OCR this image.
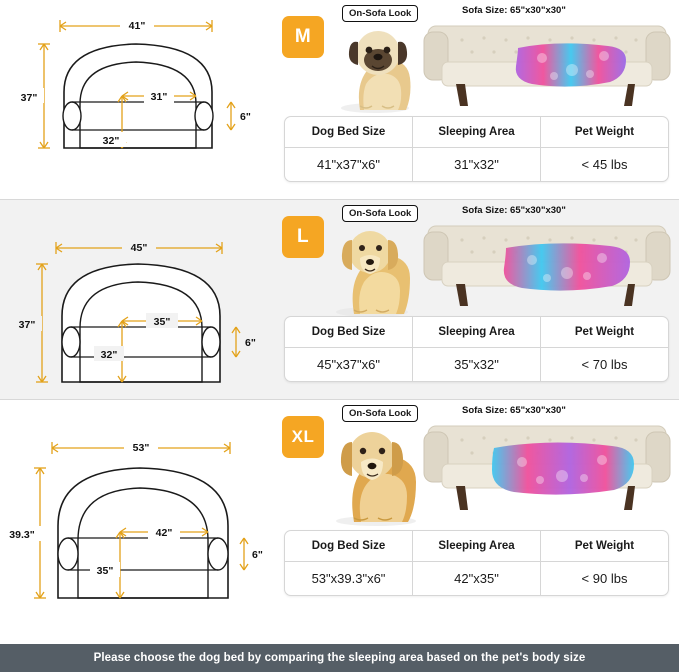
41"
37"	31"
32"
6"
M
On-Sofa Look	Sofa Size: 65"x30"x30"
Dog Bed Size	Sleeping Area	Pet Weight
41"x37"x6"	31"x32"	< 45 lbs
45"
37"	35"
32"
6"
L
On-Sofa Look	Sofa Size: 65"x30"x30"
Dog Bed Size	Sleeping Area	Pet Weight
45"x37"x6"	35"x32"	< 70 lbs
53"
39.3"	42"
35"
6"
XL
On-Sofa Look	Sofa Size: 65"x30"x30"
Dog Bed Size	Sleeping Area	Pet Weight
53"x39.3"x6"	42"x35"	< 90 lbs
Please choose the dog bed by comparing the sleeping area based on the pet's body size
